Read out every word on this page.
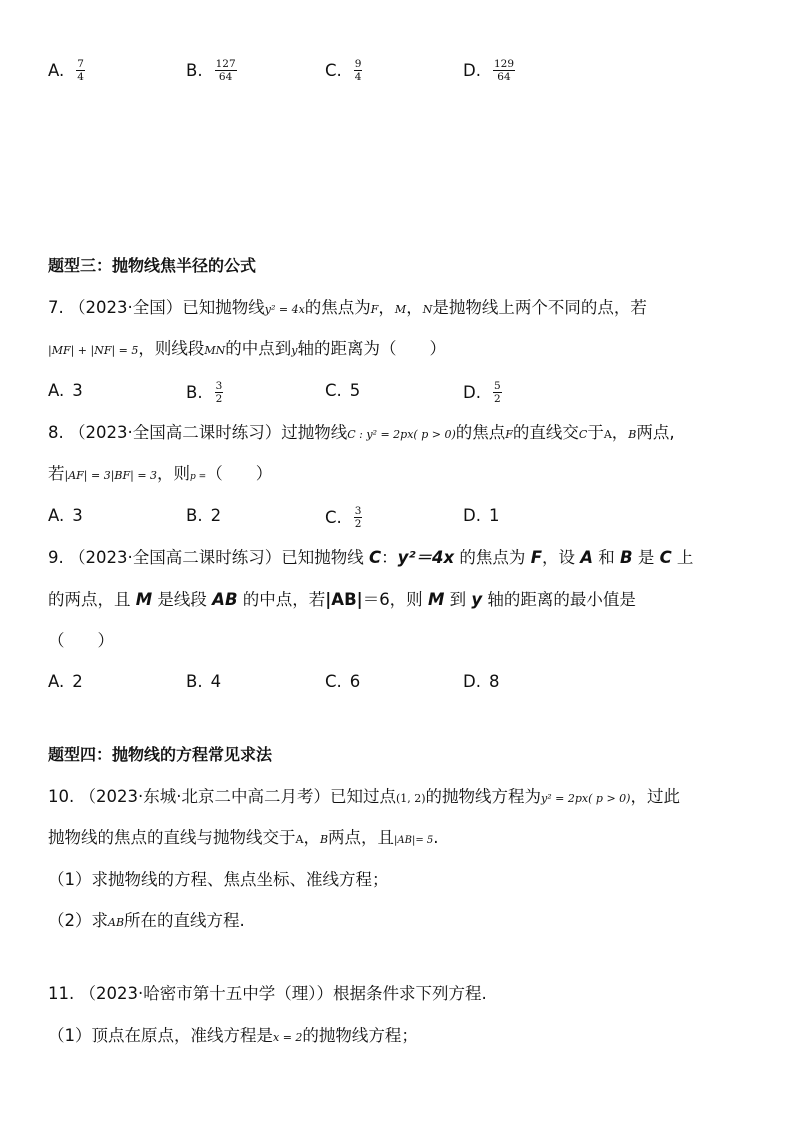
A. $\frac{7}{4}$	B. $\frac{127}{64}$	C. $\frac{9}{4}$	D. $\frac{129}{64}$
题型三：抛物线焦半径的公式
7. （2023·全国）已知抛物线y² = 4x的焦点为F，M，N是抛物线上两个不同的点，若
|MF| + |NF| = 5，则线段MN的中点到y轴的距离为（　　）
A. 3	B. $\frac{3}{2}$	C. 5	D. $\frac{5}{2}$
8. （2023·全国高二课时练习）过抛物线C : y² = 2px( p > 0)的焦点F的直线交C于A，B两点,
若|AF| = 3|BF| = 3，则p =（　　）
A. 3	B. 2	C. $\frac{3}{2}$	D. 1
9. （2023·全国高二课时练习）已知抛物线 C：y²＝4x 的焦点为 F，设 A 和 B 是 C 上
的两点，且 M 是线段 AB 的中点，若|AB|＝6，则 M 到 y 轴的距离的最小值是
（　　）
A. 2	B. 4	C. 6	D. 8
题型四：抛物线的方程常见求法
10. （2023·东城·北京二中高二月考）已知过点(1, 2)的抛物线方程为y² = 2px( p > 0)，过此
抛物线的焦点的直线与抛物线交于A，B两点，且|AB|= 5.
（1）求抛物线的方程、焦点坐标、准线方程；
（2）求AB所在的直线方程.
11. （2023·哈密市第十五中学（理））根据条件求下列方程.
（1）顶点在原点，准线方程是x = 2的抛物线方程；
